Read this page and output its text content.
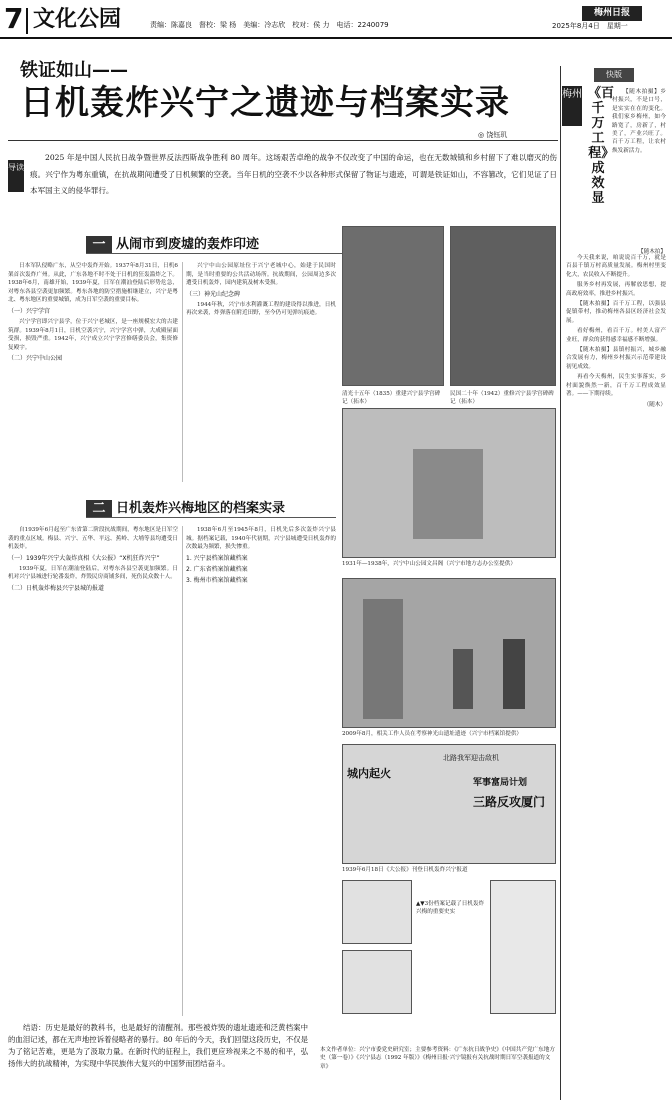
7 文化公园	责编：陈嘉良　督校：梁 杨　美编：冷志欣　校对：侯 力　电话：2240079
梅州日报
2025年8月4日　星期一
铁证如山——
日机轰炸兴宁之遗迹与档案实录
◎ 饶钰玑
导读
2025 年是中国人民抗日战争暨世界反法西斯战争胜利 80 周年。这场艰苦卓绝的战争不仅改变了中国的命运，也在无数城镇和乡村留下了难以磨灭的伤痕。兴宁作为粤东重镇，在抗战期间遭受了日机频繁的空袭。当年日机的空袭不少以各种形式保留了物证与遗迹，可谓是铁证如山，不容篡改，它们见证了日本军国主义的侵华罪行。
一 从闹市到废墟的轰炸印迹

日本军队侵略广东，从空中轰炸开始。1937年8月31日，日机6架首次轰炸广州。从此，广东各地不时不处于日机的狂轰滥炸之下。1938年6月，南雄开始，1939年夏，日军在潮汕登陆后形势危急，对粤东各县空袭更加频繁。粤东各地的防空措施相继建立，兴宁是粤北、粤东地区的重要城镇，成为日军空袭的重要目标。

（一）兴宁学宫

兴宁学宫即兴宁县学，位于兴宁老城区，是一座规模宏大的古建筑群。1939年8月1日，日机空袭兴宁，兴宁学宫中弹，大成殿屋面受损，损毁严重。1942年，兴宁成立兴宁学宫修缮委员会，集资修复殿宇。

（二）兴宁中山公园

兴宁中山公园原址位于兴宁老城中心，始建于民国时期，是当时重要的公共活动场所。抗战期间，公园周边多次遭受日机轰炸，园内建筑及树木受损。

（三）神光山纪念碑

1944年秋，兴宁市水利灌溉工程的建设得以推进，日机再次来袭，炸弹落在附近田野，至今仍可见弹坑痕迹。

清光十五年（1835）重建兴宁县学宫碑记（拓本）
民国二十年（1942）重修兴宁县学宫碑碑记（拓本）
1931年—1938年，兴宁中山公园文昌阁（兴宁市地方志办公室提供）
二 日机轰炸兴梅地区的档案实录

自1939年6月起至广东省第二阶段抗战期间，粤东地区是日军空袭的重点区域。梅县、兴宁、五华、平远、蕉岭、大埔等县均遭受日机轰炸。

（一）1939年兴宁大轰炸真相《大公报》“X机狂炸兴宁”

1939年夏，日军在潮汕登陆后，对粤东各县空袭更加频繁。日机对兴宁县城进行轮番轰炸，炸毁民房商铺多间，死伤民众数十人。

（二）日机轰炸梅县兴宁县城的报道

1938年6月至1945年8月，日机先后多次轰炸兴宁县城。据档案记载，1940年代初期，兴宁县城遭受日机轰炸的次数最为频繁，损失惨重。

1. 兴宁县档案馆藏档案
2. 广东省档案馆藏档案
3. 梅州市档案馆藏档案
2009年8月，相关工作人员在考察神光山遗址遗迹（兴宁市档案馆提供）
城内起火
北路我军迎击敌机
军事富局计划
三路反攻厦门
1939年6月18日《大公报》刊登日机轰炸兴宁报道
▲▼3份档案记载了日机轰炸兴梅的重要史实

结语：历史是最好的教科书，也是最好的清醒剂。那些被炸毁的遗址遗迹和泛黄档案中的血泪记述，都在无声地控诉着侵略者的暴行。80 年后的今天，我们回望这段历史，不仅是为了铭记苦难，更是为了汲取力量。在新时代的征程上，我们更应珍视来之不易的和平，弘扬伟大的抗战精神，为实现中华民族伟大复兴的中国梦而团结奋斗。

本文作者单位：兴宁市委党史研究室；主要参考资料：《广东抗日战争史》《中国共产党广东地方史（第一卷）》《兴宁县志（1992 年版）》《梅州日报·兴宁镜报有关抗战时期日军空袭报道的文章》
快版
梅州 《百千万工程》成效显

【随木拍摄】乡村振兴，不是口号，是实实在在的变化。我们家乡梅州，如今路宽了，房新了，村美了，产业兴旺了。百千万工程，让农村焕发新活力。

【随木拍】

今天我来说，咱说说百千万，就是百县千镇万村高质量发展。梅州村里变化大，农民收入不断提升。

服务乡村再发展，再解放思想，提高政府效率，推进乡村振兴。

【随木拍摄】百千万工程，以强县促镇带村，推动梅州各县区经济社会发展。

看好梅州，看百千万。村美人富产业旺，群众的获得感幸福感不断增强。

【随木拍摄】县镇村振兴，城乡融合发展有力，梅州乡村振兴示范带建设初见成效。

再看今天梅州，民生实事落实，乡村面貌焕然一新，百千万工程成效显著。——下期待续。

（随木）
